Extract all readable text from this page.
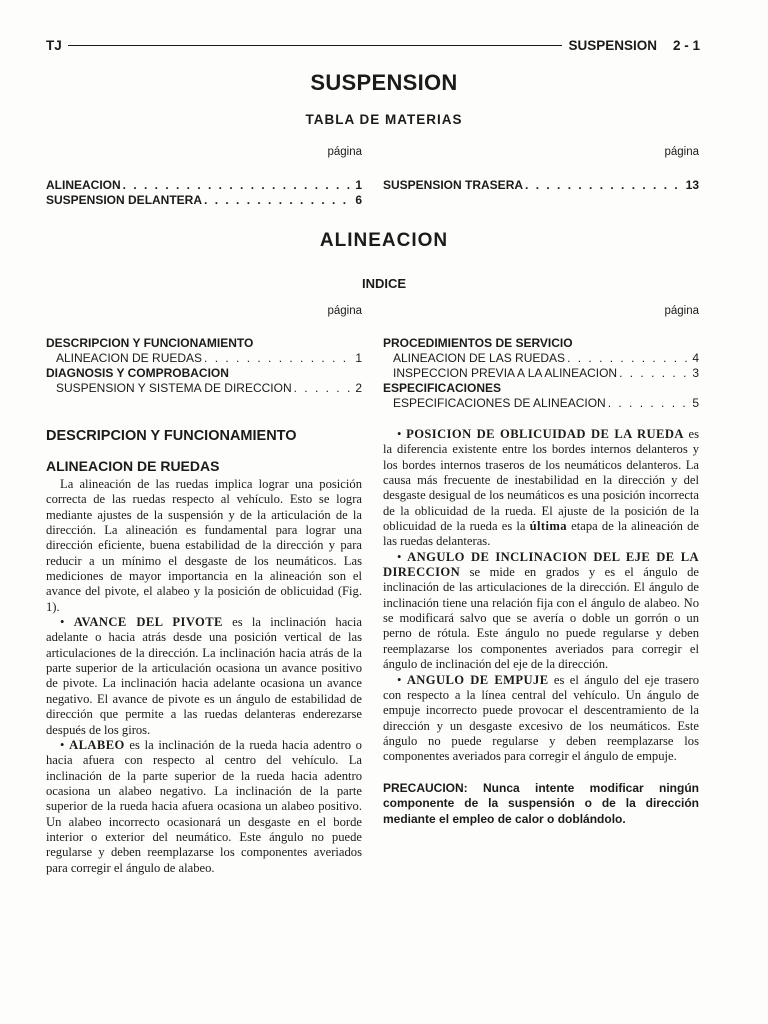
TJ	SUSPENSION 2 - 1
SUSPENSION
TABLA DE MATERIAS
página	página
ALINEACION . . .	1
SUSPENSION DELANTERA . . .	6
SUSPENSION TRASERA . . .	13
ALINEACION
INDICE
página	página
DESCRIPCION Y FUNCIONAMIENTO
ALINEACION DE RUEDAS . . .	1
DIAGNOSIS Y COMPROBACION
SUSPENSION Y SISTEMA DE DIRECCION . . .	2
PROCEDIMIENTOS DE SERVICIO
ALINEACION DE LAS RUEDAS . . .	4
INSPECCION PREVIA A LA ALINEACION . . .	3
ESPECIFICACIONES
ESPECIFICACIONES DE ALINEACION . . .	5
DESCRIPCION Y FUNCIONAMIENTO
ALINEACION DE RUEDAS

La alineación de las ruedas implica lograr una posición correcta de las ruedas respecto al vehículo. Esto se logra mediante ajustes de la suspensión y de la articulación de la dirección. La alineación es fundamental para lograr una dirección eficiente, buena estabilidad de la dirección y para reducir a un mínimo el desgaste de los neumáticos. Las mediciones de mayor importancia en la alineación son el avance del pivote, el alabeo y la posición de oblicuidad (Fig. 1).

• AVANCE DEL PIVOTE es la inclinación hacia adelante o hacia atrás desde una posición vertical de las articulaciones de la dirección. La inclinación hacia atrás de la parte superior de la articulación ocasiona un avance positivo de pivote. La inclinación hacia adelante ocasiona un avance negativo. El avance de pivote es un ángulo de estabilidad de dirección que permite a las ruedas delanteras enderezarse después de los giros.

• ALABEO es la inclinación de la rueda hacia adentro o hacia afuera con respecto al centro del vehículo. La inclinación de la parte superior de la rueda hacia adentro ocasiona un alabeo negativo. La inclinación de la parte superior de la rueda hacia afuera ocasiona un alabeo positivo. Un alabeo incorrecto ocasionará un desgaste en el borde interior o exterior del neumático. Este ángulo no puede regularse y deben reemplazarse los componentes averiados para corregir el ángulo de alabeo.

• POSICION DE OBLICUIDAD DE LA RUEDA es la diferencia existente entre los bordes internos delanteros y los bordes internos traseros de los neumáticos delanteros. La causa más frecuente de inestabilidad en la dirección y del desgaste desigual de los neumáticos es una posición incorrecta de la oblicuidad de la rueda. El ajuste de la posición de la oblicuidad de la rueda es la última etapa de la alineación de las ruedas delanteras.

• ANGULO DE INCLINACION DEL EJE DE LA DIRECCION se mide en grados y es el ángulo de inclinación de las articulaciones de la dirección. El ángulo de inclinación tiene una relación fija con el ángulo de alabeo. No se modificará salvo que se avería o doble un gorrón o un perno de rótula. Este ángulo no puede regularse y deben reemplazarse los componentes averiados para corregir el ángulo de inclinación del eje de la dirección.

• ANGULO DE EMPUJE es el ángulo del eje trasero con respecto a la línea central del vehículo. Un ángulo de empuje incorrecto puede provocar el descentramiento de la dirección y un desgaste excesivo de los neumáticos. Este ángulo no puede regularse y deben reemplazarse los componentes averiados para corregir el ángulo de empuje.

PRECAUCION: Nunca intente modificar ningún componente de la suspensión o de la dirección mediante el empleo de calor o doblándolo.
